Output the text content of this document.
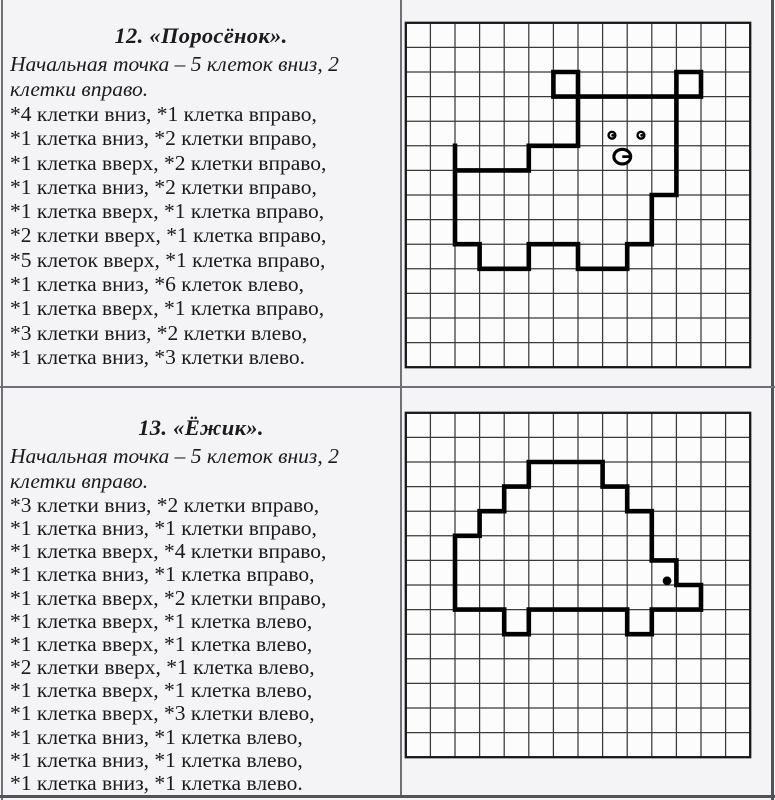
12. «Поросёнок».
Начальная точка – 5 клеток вниз, 2
клетки вправо.
*4 клетки вниз, *1 клетка вправо,
*1 клетка вниз, *2 клетки вправо,
*1 клетка вверх, *2 клетки вправо,
*1 клетка вниз, *2 клетки вправо,
*1 клетка вверх, *1 клетка вправо,
*2 клетки вверх, *1 клетка вправо,
*5 клеток вверх, *1 клетка вправо,
*1 клетка вниз, *6 клеток влево,
*1 клетка вверх, *1 клетка вправо,
*3 клетки вниз, *2 клетки влево,
*1 клетка вниз, *3 клетки влево.
13. «Ёжик».
Начальная точка – 5 клеток вниз, 2
клетки вправо.
*3 клетки вниз, *2 клетки вправо,
*1 клетка вниз, *1 клетки вправо,
*1 клетка вверх, *4 клетки вправо,
*1 клетка вниз, *1 клетка вправо,
*1 клетка вверх, *2 клетки вправо,
*1 клетка вверх, *1 клетка влево,
*1 клетка вверх, *1 клетка влево,
*2 клетки вверх, *1 клетка влево,
*1 клетка вверх, *1 клетка влево,
*1 клетка вверх, *3 клетки влево,
*1 клетка вниз, *1 клетка влево,
*1 клетка вниз, *1 клетка влево,
*1 клетка вниз, *1 клетка влево.
